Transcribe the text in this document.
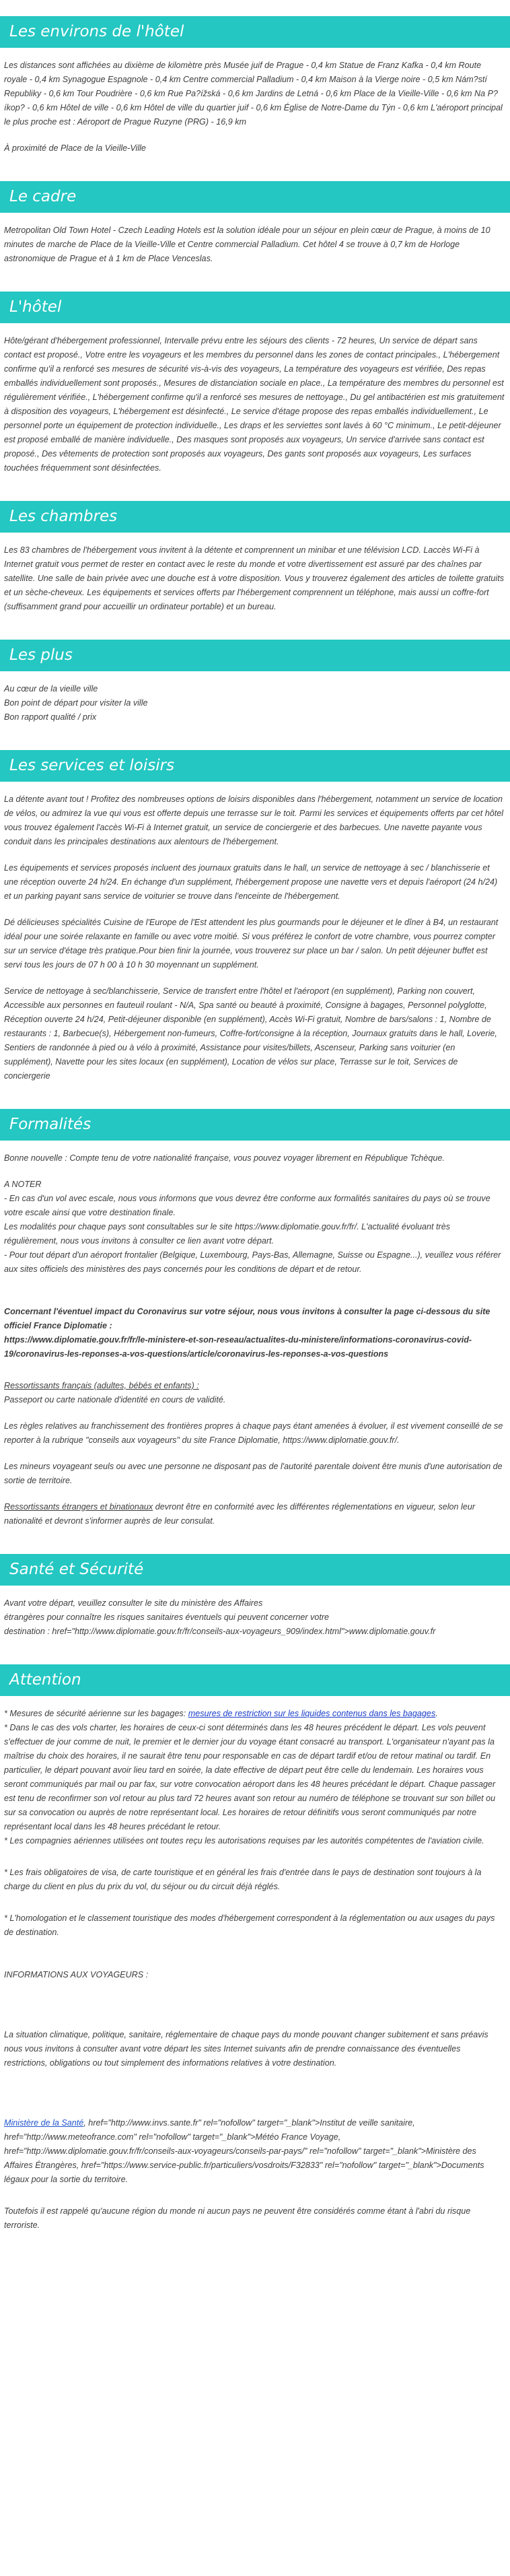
Les environs de l'hôtel

Les distances sont affichées au dixième de kilomètre près Musée juif de Prague - 0,4 km Statue de Franz Kafka - 0,4 km Route royale - 0,4 km Synagogue Espagnole - 0,4 km Centre commercial Palladium - 0,4 km Maison à la Vierge noire - 0,5 km Nám?stí Republiky - 0,6 km Tour Poudrière - 0,6 km Rue Pa?ížská - 0,6 km Jardins de Letná - 0,6 km Place de la Vieille-Ville - 0,6 km Na P?íkop? - 0,6 km Hôtel de ville - 0,6 km Hôtel de ville du quartier juif - 0,6 km Église de Notre-Dame du Týn - 0,6 km L'aéroport principal le plus proche est : Aéroport de Prague Ruzyne (PRG) - 16,9 km

À proximité de Place de la Vieille-Ville

Le cadre

Metropolitan Old Town Hotel - Czech Leading Hotels est la solution idéale pour un séjour en plein cœur de Prague, à moins de 10 minutes de marche de Place de la Vieille-Ville et Centre commercial Palladium. Cet hôtel 4 se trouve à 0,7 km de Horloge astronomique de Prague et à 1 km de Place Venceslas.

L'hôtel

Hôte/gérant d'hébergement professionnel, Intervalle prévu entre les séjours des clients - 72 heures, Un service de départ sans contact est proposé., Votre entre les voyageurs et les membres du personnel dans les zones de contact principales., L'hébergement confirme qu'il a renforcé ses mesures de sécurité vis-à-vis des voyageurs, La température des voyageurs est vérifiée, Des repas emballés individuellement sont proposés., Mesures de distanciation sociale en place., La température des membres du personnel est régulièrement vérifiée., L'hébergement confirme qu'il a renforcé ses mesures de nettoyage., Du gel antibactérien est mis gratuitement à disposition des voyageurs, L'hébergement est désinfecté., Le service d'étage propose des repas emballés individuellement., Le personnel porte un équipement de protection individuelle., Les draps et les serviettes sont lavés à 60 °C minimum., Le petit-déjeuner est proposé emballé de manière individuelle., Des masques sont proposés aux voyageurs, Un service d'arrivée sans contact est proposé., Des vêtements de protection sont proposés aux voyageurs, Des gants sont proposés aux voyageurs, Les surfaces touchées fréquemment sont désinfectées.

Les chambres

Les 83 chambres de l'hébergement vous invitent à la détente et comprennent un minibar et une télévision LCD. Laccès Wi-Fi à Internet gratuit vous permet de rester en contact avec le reste du monde et votre divertissement est assuré par des chaînes par satellite. Une salle de bain privée avec une douche est à votre disposition. Vous y trouverez également des articles de toilette gratuits et un sèche-cheveux. Les équipements et services offerts par l'hébergement comprennent un téléphone, mais aussi un coffre-fort (suffisamment grand pour accueillir un ordinateur portable) et un bureau.

Les plus
Au cœur de la vieille ville
Bon point de départ pour visiter la ville
Bon rapport qualité / prix
Les services et loisirs

La détente avant tout ! Profitez des nombreuses options de loisirs disponibles dans l'hébergement, notamment un service de location de vélos, ou admirez la vue qui vous est offerte depuis une terrasse sur le toit. Parmi les services et équipements offerts par cet hôtel vous trouvez également l'accès Wi-Fi à Internet gratuit, un service de conciergerie et des barbecues. Une navette payante vous conduit dans les principales destinations aux alentours de l'hébergement.

Les équipements et services proposés incluent des journaux gratuits dans le hall, un service de nettoyage à sec / blanchisserie et une réception ouverte 24 h/24. En échange d'un supplément, l'hébergement propose une navette vers et depuis l'aéroport (24 h/24) et un parking payant sans service de voiturier se trouve dans l'enceinte de l'hébergement.

Dé délicieuses spécialités Cuisine de l'Europe de l'Est attendent les plus gourmands pour le déjeuner et le dîner à B4, un restaurant idéal pour une soirée relaxante en famille ou avec votre moitié. Si vous préférez le confort de votre chambre, vous pourrez compter sur un service d'étage très pratique.Pour bien finir la journée, vous trouverez sur place un bar / salon. Un petit déjeuner buffet est servi tous les jours de 07 h 00 à 10 h 30 moyennant un supplément.

Service de nettoyage à sec/blanchisserie, Service de transfert entre l'hôtel et l'aéroport (en supplément), Parking non couvert, Accessible aux personnes en fauteuil roulant - N/A, Spa santé ou beauté à proximité, Consigne à bagages, Personnel polyglotte, Réception ouverte 24 h/24, Petit-déjeuner disponible (en supplément), Accès Wi-Fi gratuit, Nombre de bars/salons : 1, Nombre de restaurants : 1, Barbecue(s), Hébergement non-fumeurs, Coffre-fort/consigne à la réception, Journaux gratuits dans le hall, Loverie, Sentiers de randonnée à pied ou à vélo à proximité, Assistance pour visites/billets, Ascenseur, Parking sans voiturier (en supplément), Navette pour les sites locaux (en supplément), Location de vélos sur place, Terrasse sur le toit, Services de conciergerie

Formalités

Bonne nouvelle : Compte tenu de votre nationalité française, vous pouvez voyager librement en République Tchèque.

A NOTER
- En cas d'un vol avec escale, nous vous informons que vous devrez être conforme aux formalités sanitaires du pays où se trouve votre escale ainsi que votre destination finale.
Les modalités pour chaque pays sont consultables sur le site https://www.diplomatie.gouv.fr/fr/. L'actualité évoluant très régulièrement, nous vous invitons à consulter ce lien avant votre départ.
- Pour tout départ d'un aéroport frontalier (Belgique, Luxembourg, Pays-Bas, Allemagne, Suisse ou Espagne...), veuillez vous référer aux sites officiels des ministères des pays concernés pour les conditions de départ et de retour.
Concernant l'éventuel impact du Coronavirus sur votre séjour, nous vous invitons à consulter la page ci-dessous du site officiel France Diplomatie :
https://www.diplomatie.gouv.fr/fr/le-ministere-et-son-reseau/actualites-du-ministere/informations-coronavirus-covid-19/coronavirus-les-reponses-a-vos-questions/article/coronavirus-les-reponses-a-vos-questions
Ressortissants français (adultes, bébés et enfants) :

Passeport ou carte nationale d'identité en cours de validité.

Les règles relatives au franchissement des frontières propres à chaque pays étant amenées à évoluer, il est vivement conseillé de se reporter à la rubrique "conseils aux voyageurs" du site France Diplomatie, https://www.diplomatie.gouv.fr/.

Les mineurs voyageant seuls ou avec une personne ne disposant pas de l'autorité parentale doivent être munis d'une autorisation de sortie de territoire.

Ressortissants étrangers et binationaux devront être en conformité avec les différentes réglementations en vigueur, selon leur nationalité et devront s'informer auprès de leur consulat.

Santé et Sécurité
Avant votre départ, veuillez consulter le site du ministère des Affaires
étrangères pour connaître les risques sanitaires éventuels qui peuvent concerner votre
destination : href="http://www.diplomatie.gouv.fr/fr/conseils-aux-voyageurs_909/index.html">www.diplomatie.gouv.fr
Attention
* Mesures de sécurité aérienne sur les bagages: mesures de restriction sur les liquides contenus dans les bagages.
* Dans le cas des vols charter, les horaires de ceux-ci sont déterminés dans les 48 heures précédent le départ. Les vols peuvent s'effectuer de jour comme de nuit, le premier et le dernier jour du voyage étant consacré au transport. L'organisateur n'ayant pas la maîtrise du choix des horaires, il ne saurait être tenu pour responsable en cas de départ tardif et/ou de retour matinal ou tardif. En particulier, le départ pouvant avoir lieu tard en soirée, la date effective de départ peut être celle du lendemain. Les horaires vous seront communiqués par mail ou par fax, sur votre convocation aéroport dans les 48 heures précédant le départ. Chaque passager est tenu de reconfirmer son vol retour au plus tard 72 heures avant son retour au numéro de téléphone se trouvant sur son billet ou sur sa convocation ou auprès de notre représentant local. Les horaires de retour définitifs vous seront communiqués par notre représentant local dans les 48 heures précédant le retour.
* Les compagnies aériennes utilisées ont toutes reçu les autorisations requises par les autorités compétentes de l'aviation civile.
* Les frais obligatoires de visa, de carte touristique et en général les frais d'entrée dans le pays de destination sont toujours à la charge du client en plus du prix du vol, du séjour ou du circuit déjà réglés.
* L'homologation et le classement touristique des modes d'hébergement correspondent à la réglementation ou aux usages du pays de destination.
INFORMATIONS AUX VOYAGEURS :
La situation climatique, politique, sanitaire, réglementaire de chaque pays du monde pouvant changer subitement et sans préavis
nous vous invitons à consulter avant votre départ les sites Internet suivants afin de prendre connaissance des éventuelles restrictions, obligations ou tout simplement des informations relatives à votre destination.
Ministère de la Santé, href="http://www.invs.sante.fr" rel="nofollow" target="_blank">Institut de veille sanitaire, href="http://www.meteofrance.com" rel="nofollow" target="_blank">Météo France Voyage, href="http://www.diplomatie.gouv.fr/fr/conseils-aux-voyageurs/conseils-par-pays/" rel="nofollow" target="_blank">Ministère des Affaires Étrangères, href="https://www.service-public.fr/particuliers/vosdroits/F32833" rel="nofollow" target="_blank">Documents légaux pour la sortie du territoire.
Toutefois il est rappelé qu'aucune région du monde ni aucun pays ne peuvent être considérés comme étant à l'abri du risque terroriste.
